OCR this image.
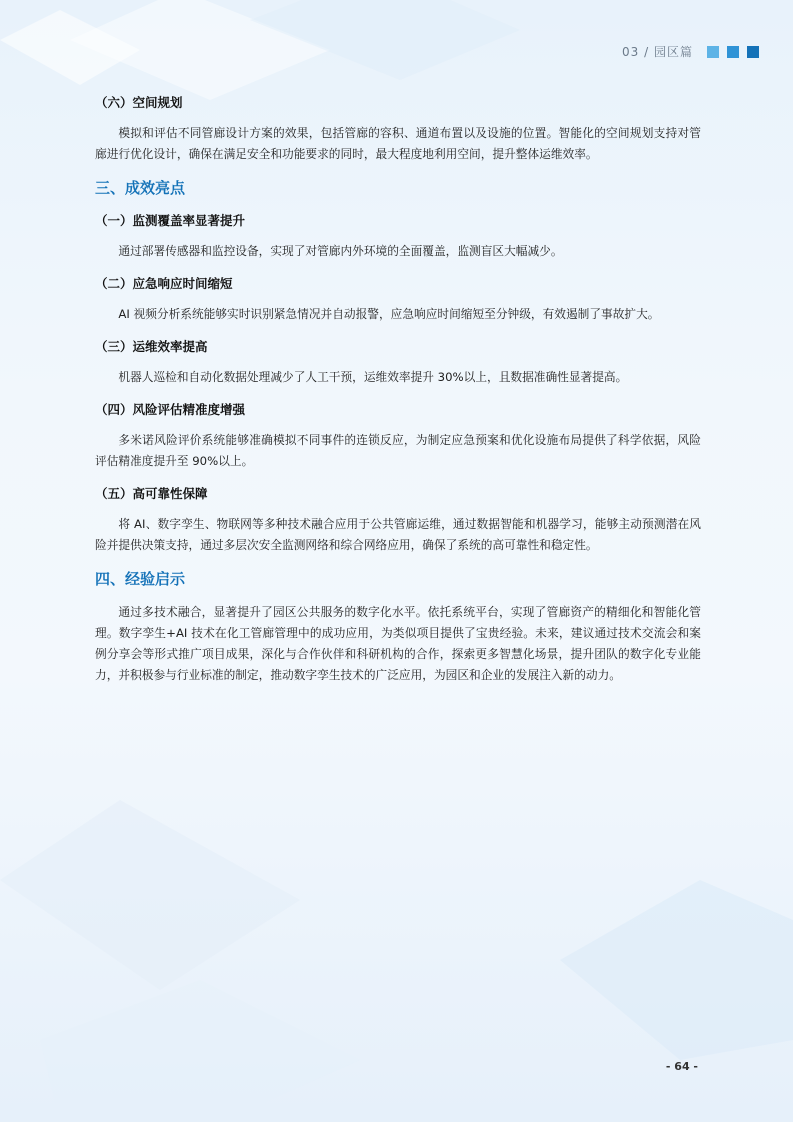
03 / 园区篇
（六）空间规划
模拟和评估不同管廊设计方案的效果，包括管廊的容积、通道布置以及设施的位置。智能化的空间规划支持对管廊进行优化设计，确保在满足安全和功能要求的同时，最大程度地利用空间，提升整体运维效率。
三、成效亮点
（一）监测覆盖率显著提升
通过部署传感器和监控设备，实现了对管廊内外环境的全面覆盖，监测盲区大幅减少。
（二）应急响应时间缩短
AI 视频分析系统能够实时识别紧急情况并自动报警，应急响应时间缩短至分钟级，有效遏制了事故扩大。
（三）运维效率提高
机器人巡检和自动化数据处理减少了人工干预，运维效率提升 30%以上，且数据准确性显著提高。
（四）风险评估精准度增强
多米诺风险评价系统能够准确模拟不同事件的连锁反应，为制定应急预案和优化设施布局提供了科学依据，风险评估精准度提升至 90%以上。
（五）高可靠性保障
将 AI、数字孪生、物联网等多种技术融合应用于公共管廊运维，通过数据智能和机器学习，能够主动预测潜在风险并提供决策支持，通过多层次安全监测网络和综合网络应用，确保了系统的高可靠性和稳定性。
四、经验启示
通过多技术融合，显著提升了园区公共服务的数字化水平。依托系统平台，实现了管廊资产的精细化和智能化管理。数字孪生+AI 技术在化工管廊管理中的成功应用，为类似项目提供了宝贵经验。未来，建议通过技术交流会和案例分享会等形式推广项目成果，深化与合作伙伴和科研机构的合作，探索更多智慧化场景，提升团队的数字化专业能力，并积极参与行业标准的制定，推动数字孪生技术的广泛应用，为园区和企业的发展注入新的动力。
- 64 -
